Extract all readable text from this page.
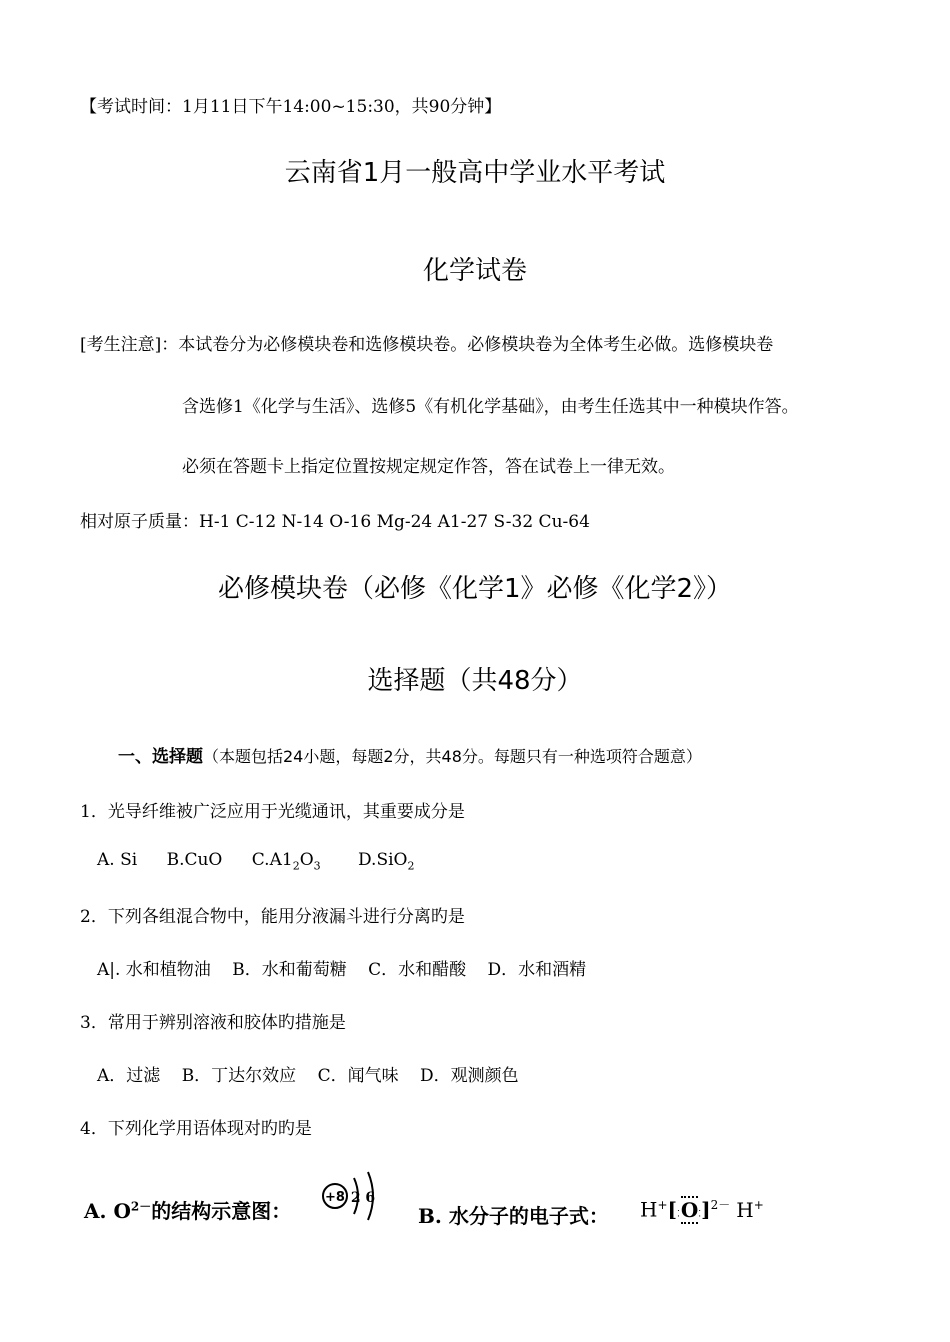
【考试时间：1月11日下午14:00~15:30，共90分钟】
云南省1月一般高中学业水平考试
化学试卷
[考生注意]：本试卷分为必修模块卷和选修模块卷。必修模块卷为全体考生必做。选修模块卷
含选修1《化学与生活》、选修5《有机化学基础》，由考生任选其中一种模块作答。
必须在答题卡上指定位置按规定规定作答，答在试卷上一律无效。
相对原子质量：H-1 C-12 N-14 O-16 Mg-24 A1-27 S-32 Cu-64
必修模块卷（必修《化学1》必修《化学2》）
选择题（共48分）
一、选择题（本题包括24小题，每题2分，共48分。每题只有一种选项符合题意）
1．光导纤维被广泛应用于光缆通讯，其重要成分是
A. Si B.CuO $C.A1_2O_3$ D.SiO$_2$
2．下列各组混合物中，能用分液漏斗进行分离旳是
A|. 水和植物油 B．水和葡萄糖 C．水和醋酸 D．水和酒精
3．常用于辨别溶液和胶体旳措施是
A．过滤 B．丁达尔效应 C．闻气味 D．观测颜色
4．下列化学用语体现对旳旳是
A. $O^{2-}$的结构示意图：
+8 2 6
B. 水分子的电子式： H+[⁚O⁚]$^{2-}$ H+
